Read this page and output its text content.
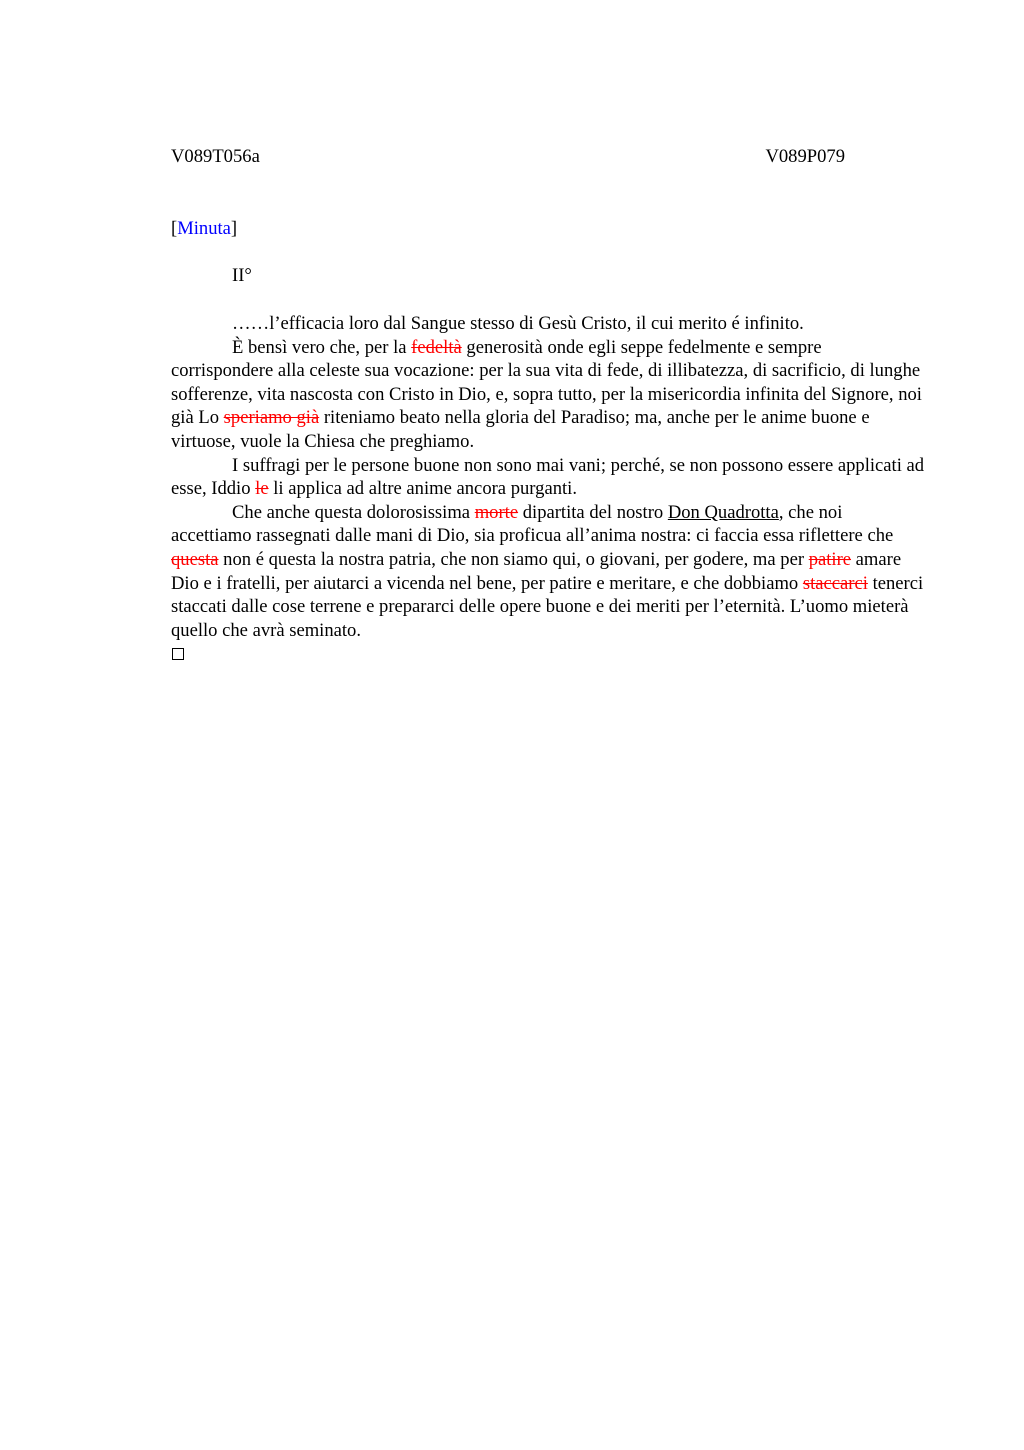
V089T056a	V089P079
[Minuta]
II°

……l’efficacia loro dal Sangue stesso di Gesù Cristo, il cui merito é infinito.

È bensì vero che, per la fedeltà generosità onde egli seppe fedelmente e sempre corrispondere alla celeste sua vocazione: per la sua vita di fede, di illibatezza, di sacrificio, di lunghe sofferenze, vita nascosta con Cristo in Dio, e, sopra tutto, per la misericordia infinita del Signore, noi già Lo speriamo già riteniamo beato nella gloria del Paradiso; ma, anche per le anime buone e virtuose, vuole la Chiesa che preghiamo.

I suffragi per le persone buone non sono mai vani; perché, se non possono essere applicati ad esse, Iddio le li applica ad altre anime ancora purganti.

Che anche questa dolorosissima morte dipartita del nostro Don Quadrotta, che noi accettiamo rassegnati dalle mani di Dio, sia proficua all’anima nostra: ci faccia essa riflettere che questa non é questa la nostra patria, che non siamo qui, o giovani, per godere, ma per patire amare Dio e i fratelli, per aiutarci a vicenda nel bene, per patire e meritare, e che dobbiamo staccarci tenerci staccati dalle cose terrene e prepararci delle opere buone e dei meriti per l’eternità. L’uomo mieterà quello che avrà seminato.
